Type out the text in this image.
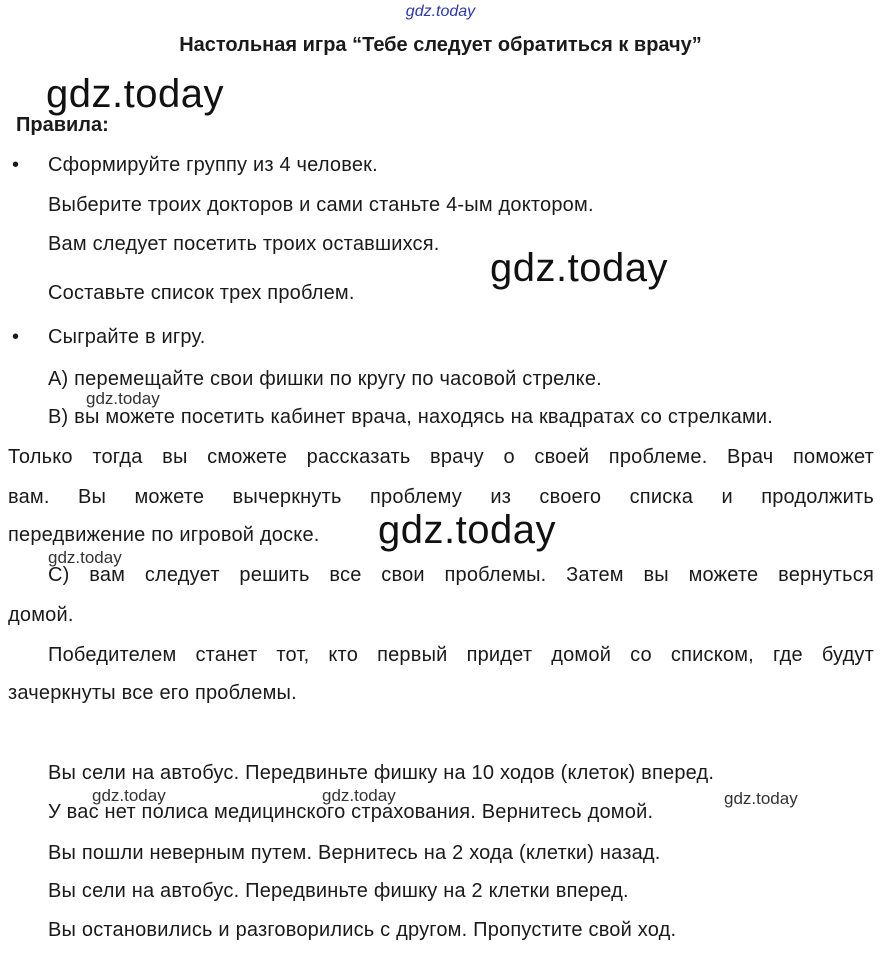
gdz.today
gdz.today
gdz.today
gdz.today
gdz.today
gdz.today
gdz.today	gdz.today	gdz.today
Настольная игра “Тебе следует обратиться к врачу”
Правила:
• Сформируйте группу из 4 человек.
Выберите троих докторов и сами станьте 4-ым доктором.
Вам следует посетить троих оставшихся.
Составьте список трех проблем.
• Сыграйте в игру.
А) перемещайте свои фишки по кругу по часовой стрелке.
В) вы можете посетить кабинет врача, находясь на квадратах со стрелками.
Только тогда вы сможете рассказать врачу о своей проблеме. Врач поможет
вам. Вы можете вычеркнуть проблему из своего списка и продолжить
передвижение по игровой доске.
С) вам следует решить все свои проблемы. Затем вы можете вернуться
домой.
Победителем станет тот, кто первый придет домой со списком, где будут
зачеркнуты все его проблемы.
Вы сели на автобус. Передвиньте фишку на 10 ходов (клеток) вперед.
У вас нет полиса медицинского страхования. Вернитесь домой.
Вы пошли неверным путем. Вернитесь на 2 хода (клетки) назад.
Вы сели на автобус. Передвиньте фишку на 2 клетки вперед.
Вы остановились и разговорились с другом. Пропустите свой ход.
